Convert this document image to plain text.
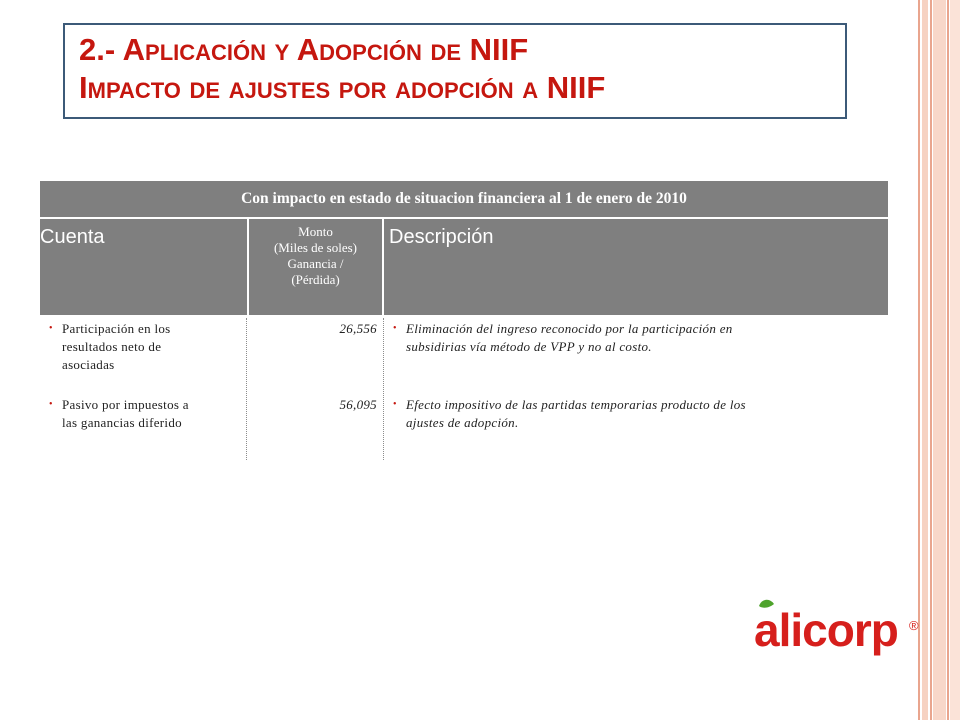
2.- Aplicación y Adopción de NIIF
Impacto de ajustes por adopción a NIIF
Con impacto en estado de situacion financiera al 1 de enero de 2010
Cuenta	Monto
(Miles de soles)
Ganancia /
(Pérdida)
Descripción
• Participación en los
resultados neto de
asociadas
26,556 • Eliminación del ingreso reconocido por la participación en
subsidirias vía método de VPP y no al costo.
• Pasivo por impuestos a
las ganancias diferido
56,095 • Efecto impositivo de las partidas temporarias producto de los
ajustes de adopción.
alicorp ®
